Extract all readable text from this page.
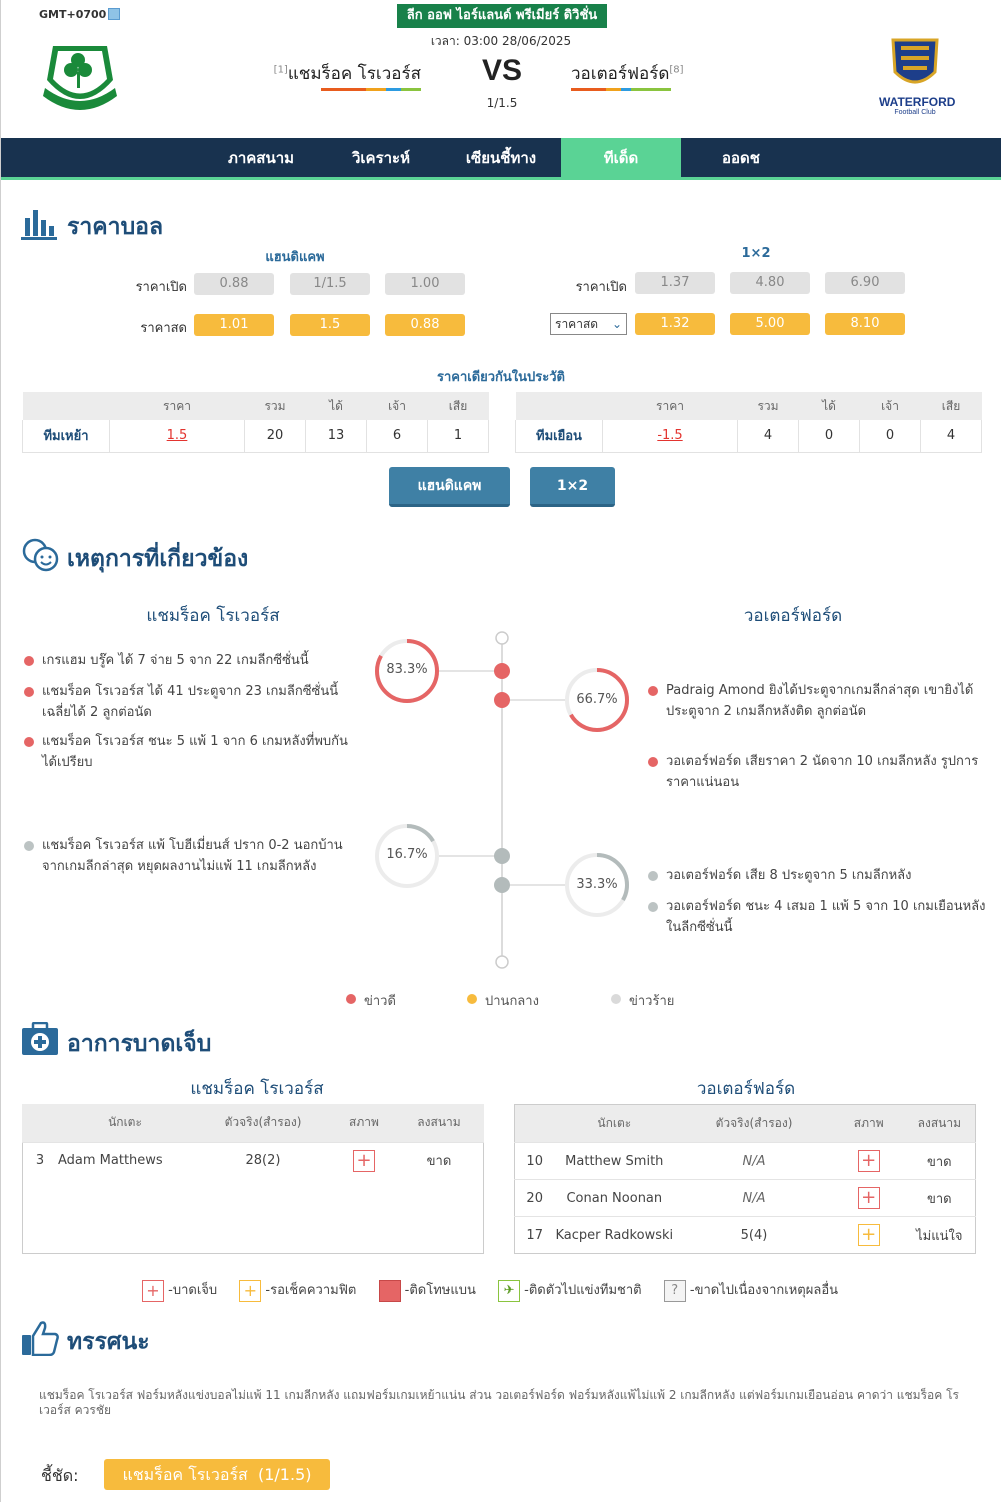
GMT+0700	ลีก ออฟ ไอร์แลนด์ พรีเมียร์ ดิวิชั่น
เวลา: 03:00 28/06/2025
[1]แชมร็อค โรเวอร์ส	VS
1/1.5
วอเตอร์ฟอร์ด[8]
WATERFORD
Football Club
ภาคสนาม	วิเคราะห์	เซียนชี้ทาง	ทีเด็ด	ออดช
ราคาบอล
แฮนดิแคพ
ราคาเปิด	0.88	1/1.5	1.00
ราคาสด	1.01	1.5	0.88
1×2
ราคาเปิด	1.37	4.80	6.90
ราคาสด ⌄	1.32	5.00	8.10
ราคาเดียวกันในประวัติ
	ราคา	รวม	ได้	เจ้า	เสีย
ทีมเหย้า	1.5	20	13	6	1
	ราคา	รวม	ได้	เจ้า	เสีย
ทีมเยือน	-1.5	4	0	0	4
แฮนดิแคพ	1×2
เหตุการที่เกี่ยวข้อง
แชมร็อค โรเวอร์ส	วอเตอร์ฟอร์ด
83.3%
66.7%
16.7%
33.3%
เกรแฮม บรู๊ค ได้ 7 จ่าย 5 จาก 22 เกมลีกซีซั่นนี้
แชมร็อค โรเวอร์ส ได้ 41 ประตูจาก 23 เกมลีกซีซั่นนี้ เฉลี่ยได้ 2 ลูกต่อนัด
แชมร็อค โรเวอร์ส ชนะ 5 แพ้ 1 จาก 6 เกมหลังที่พบกัน ได้เปรียบ
Padraig Amond ยิงได้ประตูจากเกมลีกล่าสุด เขายิงได้ประตูจาก 2 เกมลีกหลังติด ลูกต่อนัด
วอเตอร์ฟอร์ด เสียราคา 2 นัดจาก 10 เกมลีกหลัง รูปการราคาแน่นอน
แชมร็อค โรเวอร์ส แพ้ โบฮีเมี่ยนส์ ปราก 0-2 นอกบ้านจากเกมลีกล่าสุด หยุดผลงานไม่แพ้ 11 เกมลีกหลัง
วอเตอร์ฟอร์ด เสีย 8 ประตูจาก 5 เกมลีกหลัง
วอเตอร์ฟอร์ด ชนะ 4 เสมอ 1 แพ้ 5 จาก 10 เกมเยือนหลังในลีกซีซั่นนี้
ข่าวดี	ปานกลาง	ข่าวร้าย
อาการบาดเจ็บ
แชมร็อค โรเวอร์ส	วอเตอร์ฟอร์ด
	นักเตะ	ตัวจริง(สำรอง)	สภาพ	ลงสนาม
3	Adam Matthews	28(2)	+	ขาด
	นักเตะ	ตัวจริง(สำรอง)	สภาพ	ลงสนาม
10	Matthew Smith	N/A	+	ขาด
20	Conan Noonan	N/A	+	ขาด
17	Kacper Radkowski	5(4)	+	ไม่แน่ใจ
+ -บาดเจ็บ + -รอเช็คความฟิต	-ติดโทษแบน ✈ -ติดตัวไปแข่งทีมชาติ ? -ขาดไปเนื่องจากเหตุผลอื่น
ทรรศนะ
แชมร็อค โรเวอร์ส ฟอร์มหลังแข่งบอลไม่แพ้ 11 เกมลีกหลัง แถมฟอร์มเกมเหย้าแน่น ส่วน วอเตอร์ฟอร์ด ฟอร์มหลังแพ้ไม่แพ้ 2 เกมลีกหลัง แต่ฟอร์มเกมเยือนอ่อน คาดว่า แชมร็อค โรเวอร์ส ควรชัย
ชี้ชัด:	แชมร็อค โรเวอร์ส  (1/1.5)
